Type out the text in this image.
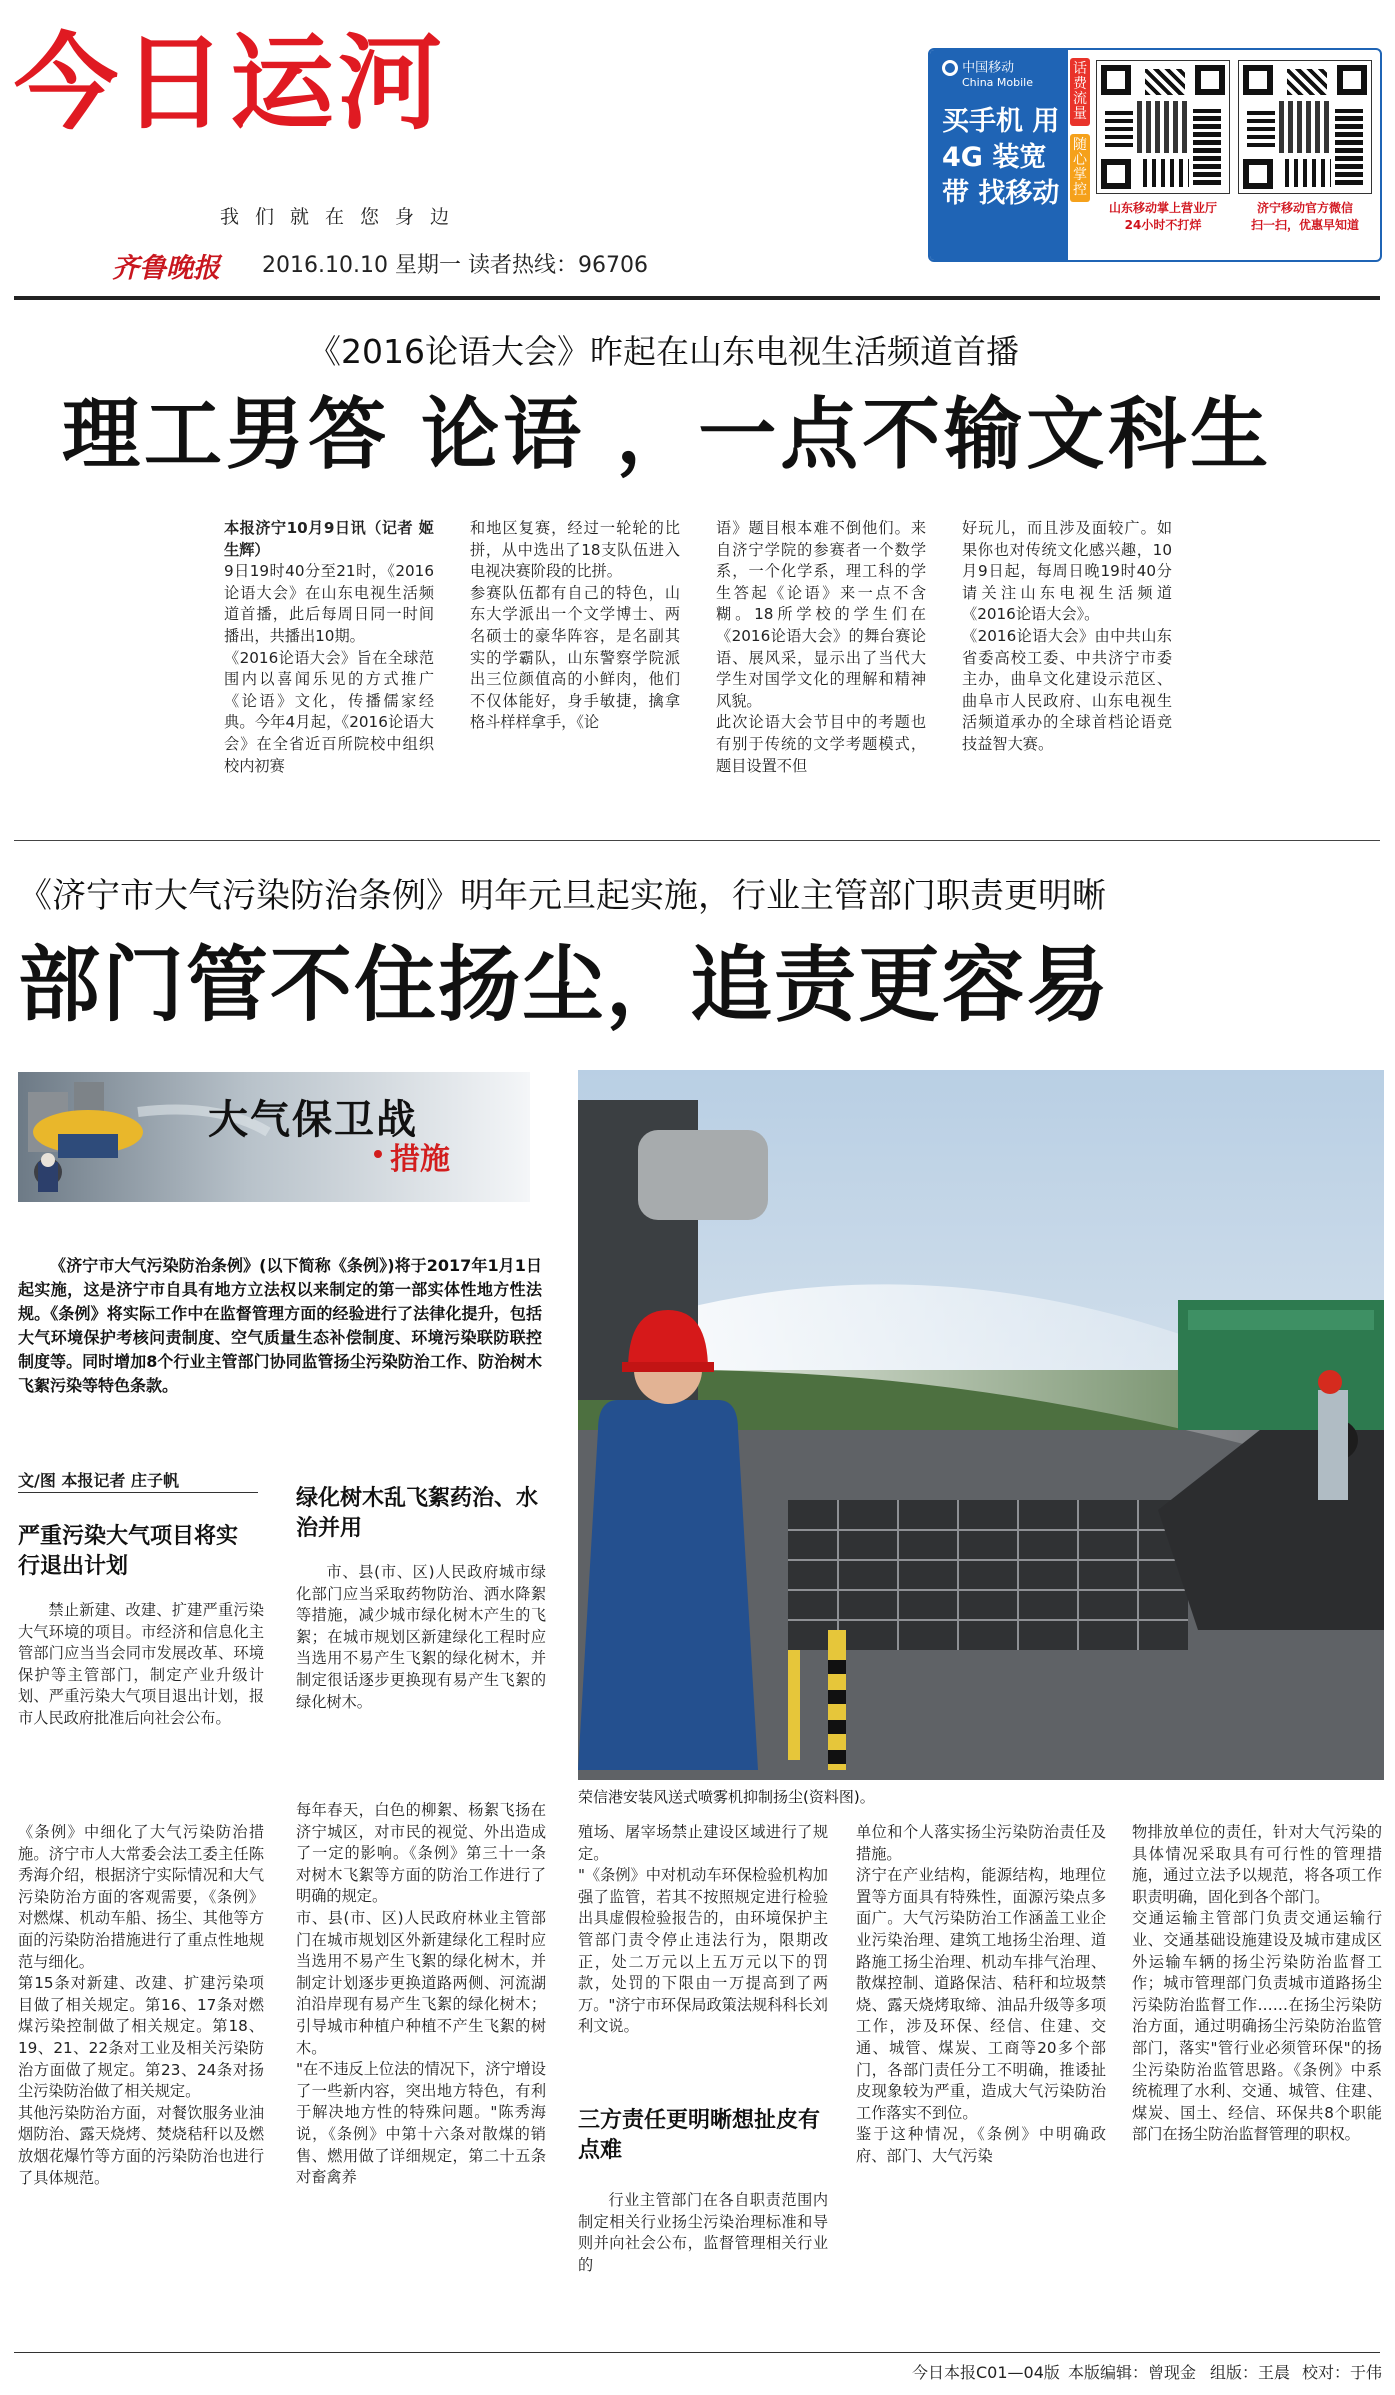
今日运河
我们就在您身边
齐鲁晚报 2016.10.10 星期一 读者热线：96706
中国移动
China Mobile
买手机 用4G 装宽带 找移动
话费流量
随心掌控
山东移动掌上营业厅
24小时不打烊
济宁移动官方微信
扫一扫，优惠早知道
《2016论语大会》昨起在山东电视生活频道首播
理工男答 论语 ，一点不输文科生

本报济宁10月9日讯（记者 姬生辉）

9日19时40分至21时，《2016论语大会》在山东电视生活频道首播，此后每周日同一时间播出，共播出10期。
《2016论语大会》旨在全球范围内以喜闻乐见的方式推广《论语》文化，传播儒家经典。今年4月起，《2016论语大会》在全省近百所院校中组织校内初赛

和地区复赛，经过一轮轮的比拼，从中选出了18支队伍进入电视决赛阶段的比拼。
参赛队伍都有自己的特色，山东大学派出一个文学博士、两名硕士的豪华阵容，是名副其实的学霸队，山东警察学院派出三位颜值高的小鲜肉，他们不仅体能好，身手敏捷，擒拿格斗样样拿手，《论

语》题目根本难不倒他们。来自济宁学院的参赛者一个数学系，一个化学系，理工科的学生答起《论语》来一点不含糊。18所学校的学生们在《2016论语大会》的舞台赛论语、展风采，显示出了当代大学生对国学文化的理解和精神风貌。
此次论语大会节目中的考题也有别于传统的文学考题模式，题目设置不但

好玩儿，而且涉及面较广。如果你也对传统文化感兴趣，10月9日起，每周日晚19时40分请关注山东电视生活频道《2016论语大会》。
《2016论语大会》由中共山东省委高校工委、中共济宁市委主办，曲阜文化建设示范区、曲阜市人民政府、山东电视生活频道承办的全球首档论语竞技益智大赛。

《济宁市大气污染防治条例》明年元旦起实施，行业主管部门职责更明晰
部门管不住扬尘，追责更容易
大气保卫战
措施

《济宁市大气污染防治条例》(以下简称《条例》)将于2017年1月1日起实施，这是济宁市自具有地方立法权以来制定的第一部实体性地方性法规。《条例》将实际工作中在监督管理方面的经验进行了法律化提升，包括大气环境保护考核问责制度、空气质量生态补偿制度、环境污染联防联控制度等。同时增加8个行业主管部门协同监管扬尘污染防治工作、防治树木飞絮污染等特色条款。

荣信港安装风送式喷雾机抑制扬尘(资料图)。
文/图 本报记者 庄子帆
严重污染大气项目将实行退出计划

禁止新建、改建、扩建严重污染大气环境的项目。市经济和信息化主管部门应当当会同市发展改革、环境保护等主管部门，制定产业升级计划、严重污染大气项目退出计划，报市人民政府批准后向社会公布。

绿化树木乱飞絮药治、水治并用

市、县(市、区)人民政府城市绿化部门应当采取药物防治、洒水降絮等措施，减少城市绿化树木产生的飞絮；在城市规划区新建绿化工程时应当选用不易产生飞絮的绿化树木，并制定很话逐步更换现有易产生飞絮的绿化树木。

《条例》中细化了大气污染防治措施。济宁市人大常委会法工委主任陈秀海介绍，根据济宁实际情况和大气污染防治方面的客观需要，《条例》对燃煤、机动车船、扬尘、其他等方面的污染防治措施进行了重点性地规范与细化。
第15条对新建、改建、扩建污染项目做了相关规定。第16、17条对燃煤污染控制做了相关规定。第18、19、21、22条对工业及相关污染防治方面做了规定。第23、24条对扬尘污染防治做了相关规定。
其他污染防治方面，对餐饮服务业油烟防治、露天烧烤、焚烧秸秆以及燃放烟花爆竹等方面的污染防治也进行了具体规范。

每年春天，白色的柳絮、杨絮飞扬在济宁城区，对市民的视觉、外出造成了一定的影响。《条例》第三十一条对树木飞絮等方面的防治工作进行了明确的规定。
市、县(市、区)人民政府林业主管部门在城市规划区外新建绿化工程时应当选用不易产生飞絮的绿化树木，并制定计划逐步更换道路两侧、河流湖泊沿岸现有易产生飞絮的绿化树木；引导城市种植户种植不产生飞絮的树木。
"在不违反上位法的情况下，济宁增设了一些新内容，突出地方特色，有利于解决地方性的特殊问题。"陈秀海说，《条例》中第十六条对散煤的销售、燃用做了详细规定，第二十五条对畜禽养

殖场、屠宰场禁止建设区域进行了规定。
"《条例》中对机动车环保检验机构加强了监管，若其不按照规定进行检验出具虚假检验报告的，由环境保护主管部门责令停止违法行为，限期改正，处二万元以上五万元以下的罚款，处罚的下限由一万提高到了两万。"济宁市环保局政策法规科科长刘利文说。

三方责任更明晰想扯皮有点难

行业主管部门在各自职责范围内制定相关行业扬尘污染治理标准和导则并向社会公布，监督管理相关行业的

单位和个人落实扬尘污染防治责任及措施。
济宁在产业结构，能源结构，地理位置等方面具有特殊性，面源污染点多面广。大气污染防治工作涵盖工业企业污染治理、建筑工地扬尘治理、道路施工扬尘治理、机动车排气治理、散煤控制、道路保洁、秸秆和垃圾禁烧、露天烧烤取缔、油品升级等多项工作，涉及环保、经信、住建、交通、城管、煤炭、工商等20多个部门，各部门责任分工不明确，推诿扯皮现象较为严重，造成大气污染防治工作落实不到位。
鉴于这种情况，《条例》中明确政府、部门、大气污染

物排放单位的责任，针对大气污染的具体情况采取具有可行性的管理措施，通过立法予以规范，将各项工作职责明确，固化到各个部门。
交通运输主管部门负责交通运输行业、交通基础设施建设及城市建成区外运输车辆的扬尘污染防治监督工作；城市管理部门负责城市道路扬尘污染防治监督工作……在扬尘污染防治方面，通过明确扬尘污染防治监管部门，落实"管行业必须管环保"的扬尘污染防治监管思路。《条例》中系统梳理了水利、交通、城管、住建、煤炭、国土、经信、环保共8个职能部门在扬尘防治监督管理的职权。

今日本报C01—04版 本版编辑：曾现金 组版：王晨 校对：于伟
